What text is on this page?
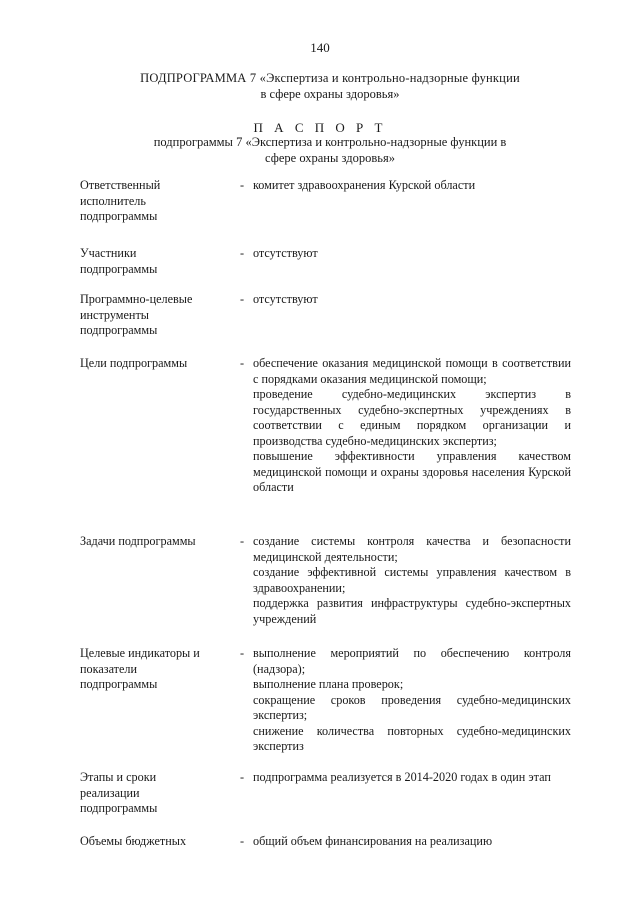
140
ПОДПРОГРАММА 7 «Экспертиза и контрольно-надзорные функции
в сфере охраны здоровья»
П А С П О Р Т
подпрограммы 7 «Экспертиза и контрольно-надзорные функции в
сфере охраны здоровья»
Ответственный
исполнитель
подпрограммы
- комитет здравоохранения Курской области
Участники
подпрограммы
- отсутствуют
Программно-целевые
инструменты
подпрограммы
- отсутствуют
Цели подпрограммы	- обеспечение оказания медицинской помощи в соответствии с порядками оказания медицинской помощи;
проведение судебно-медицинских экспертиз в государственных судебно-экспертных учреждениях в соответствии с единым порядком организации и производства судебно-медицинских экспертиз;
повышение эффективности управления качеством медицинской помощи и охраны здоровья населения Курской области
Задачи подпрограммы	- создание системы контроля качества и безопасности медицинской деятельности;
создание эффективной системы управления качеством в здравоохранении;
поддержка развития инфраструктуры судебно-экспертных учреждений
Целевые индикаторы и
показатели
подпрограммы
- выполнение мероприятий по обеспечению контроля (надзора);
выполнение плана проверок;
сокращение сроков проведения судебно-медицинских экспертиз;
снижение количества повторных судебно-медицинских экспертиз
Этапы и сроки
реализации
подпрограммы
- подпрограмма реализуется в 2014-2020 годах в один этап
Объемы бюджетных	- общий объем финансирования на реализацию
